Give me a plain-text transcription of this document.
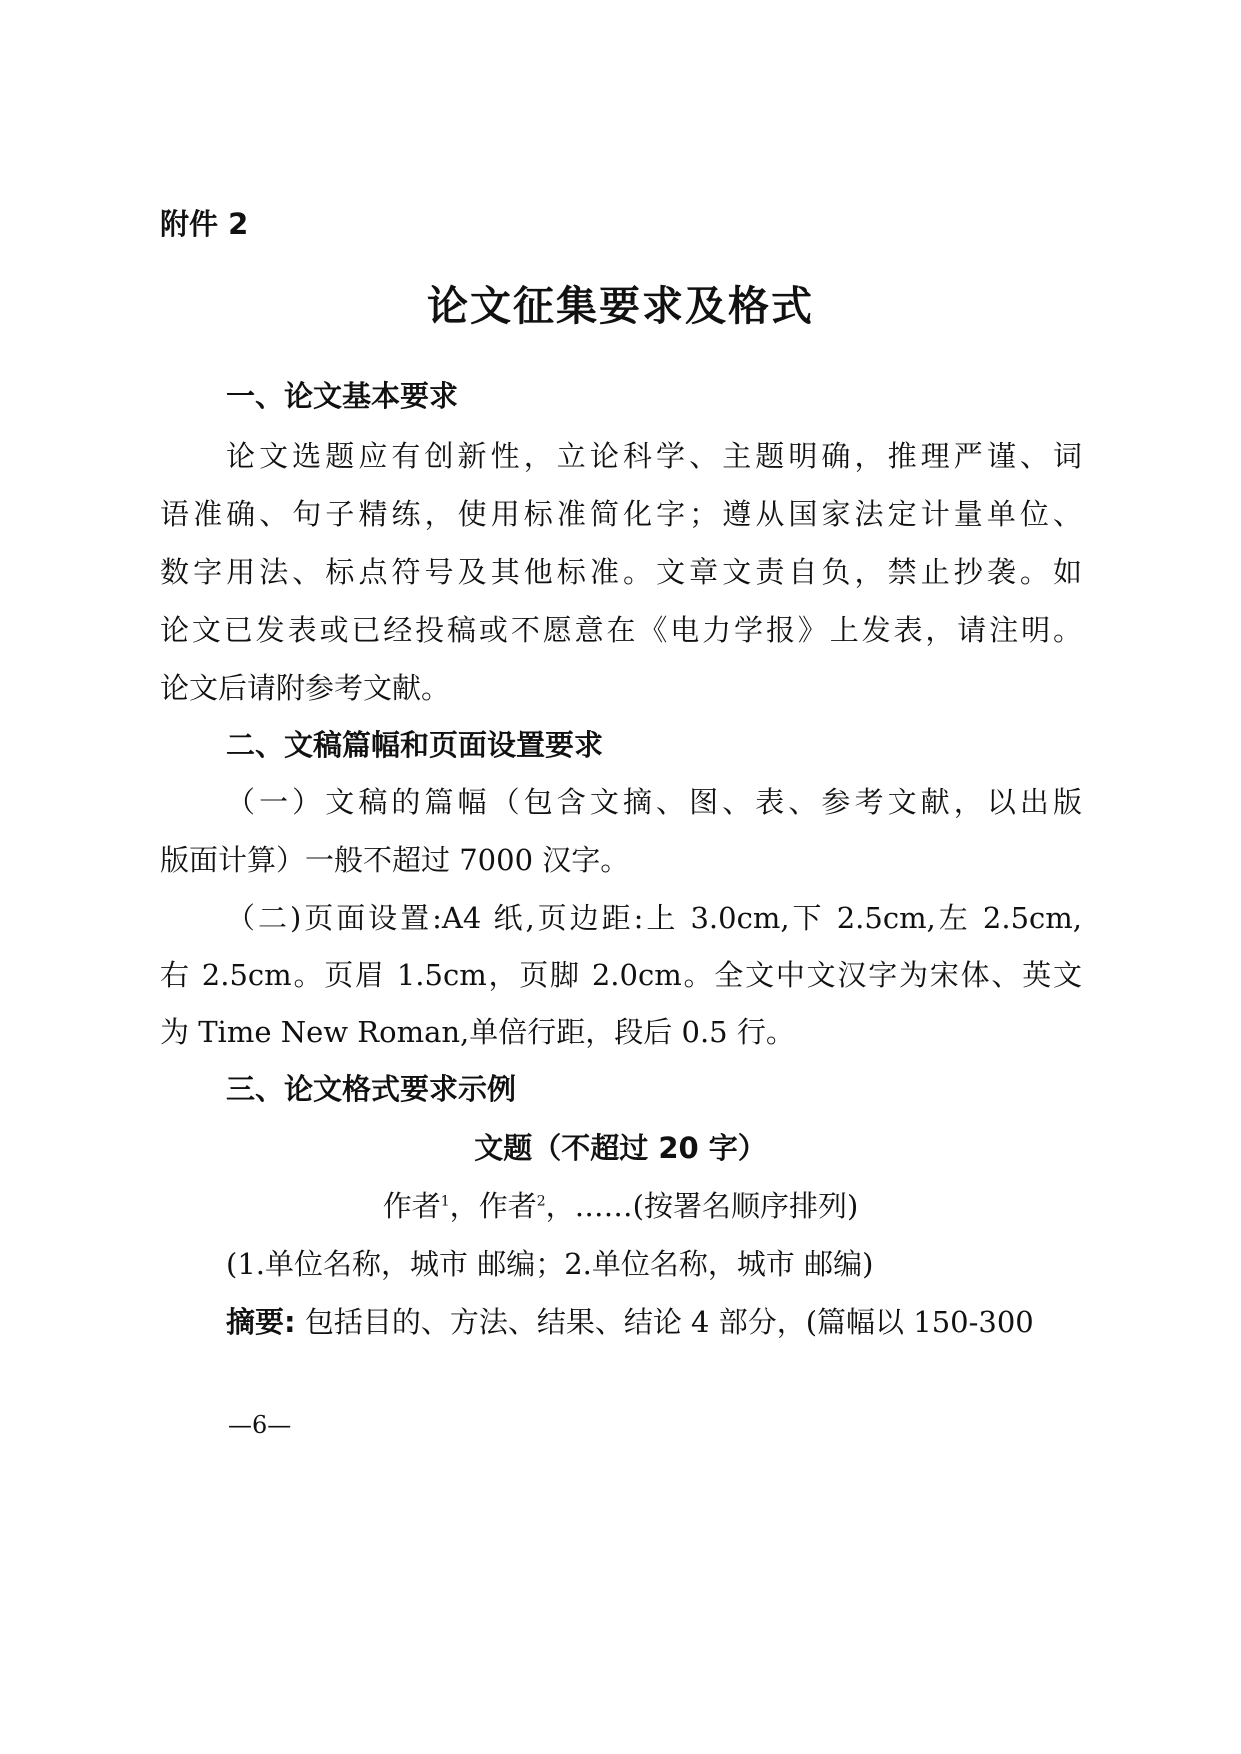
附件 2
论文征集要求及格式
一、论文基本要求
论文选题应有创新性，立论科学、主题明确，推理严谨、词
语准确、句子精练，使用标准简化字；遵从国家法定计量单位、
数字用法、标点符号及其他标准。文章文责自负，禁止抄袭。如
论文已发表或已经投稿或不愿意在《电力学报》上发表，请注明。
论文后请附参考文献。
二、文稿篇幅和页面设置要求
（一）文稿的篇幅（包含文摘、图、表、参考文献，以出版
版面计算）一般不超过 7000 汉字。
（二)页面设置:A4 纸,页边距:上 3.0cm,下 2.5cm,左 2.5cm,
右 2.5cm。页眉 1.5cm，页脚 2.0cm。全文中文汉字为宋体、英文
为 Time New Roman,单倍行距，段后 0.5 行。
三、论文格式要求示例
文题（不超过 20 字）
作者$^1$，作者$^2$，……(按署名顺序排列)
(1.单位名称，城市 邮编；2.单位名称，城市 邮编)
摘要: 包括目的、方法、结果、结论 4 部分，(篇幅以 150-300
—6—
